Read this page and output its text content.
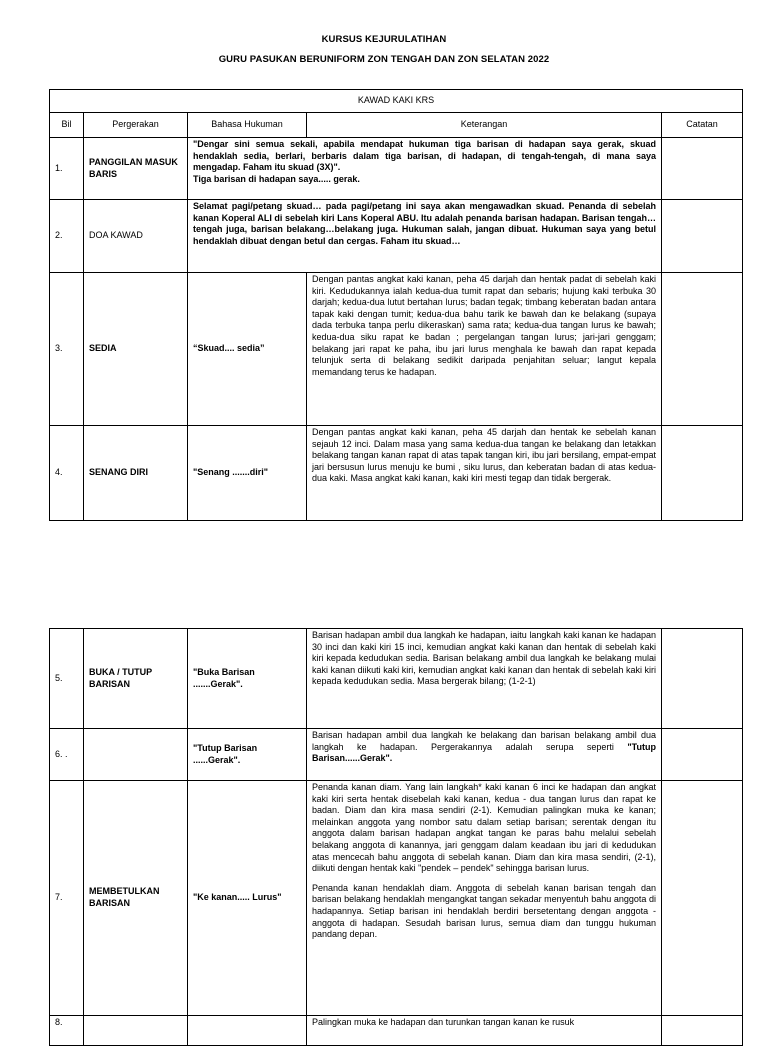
KURSUS KEJURULATIHAN
GURU PASUKAN BERUNIFORM ZON TENGAH DAN ZON SELATAN 2022
KAWAD KAKI KRS				
Bil	Pergerakan	Bahasa Hukuman	Keterangan	Catatan
1.	PANGGILAN MASUK BARIS	"Dengar sini semua sekali, apabila mendapat hukuman tiga barisan di hadapan saya gerak, skuad hendaklah sedia, berlari, berbaris dalam tiga barisan, di hadapan, di tengah-tengah, di mana saya mengadap. Faham itu skuad (3X)".

Tiga barisan di hadapan saya..... gerak.		

2.	DOA KAWAD	Selamat pagi/petang skuad… pada pagi/petang ini saya akan mengawadkan skuad. Penanda di sebelah kanan Koperal ALI di sebelah kiri Lans Koperal ABU. Itu adalah penanda barisan hadapan. Barisan tengah… tengah juga, barisan belakang…belakang juga. Hukuman salah, jangan dibuat. Hukuman saya yang betul hendaklah dibuat dengan betul dan cergas. Faham itu skuad…		
3.	SEDIA	“Skuad.... sedia”	Dengan pantas angkat kaki kanan, peha 45 darjah dan hentak padat di sebelah kaki kiri. Kedudukannya ialah kedua-dua tumit rapat dan sebaris; hujung kaki terbuka 30 darjah; kedua-dua lutut bertahan lurus; badan tegak; timbang keberatan badan antara tapak kaki dengan tumit; kedua-dua bahu tarik ke bawah dan ke belakang (supaya dada terbuka tanpa perlu dikeraskan) sama rata; kedua-dua tangan lurus ke bawah; kedua-dua siku rapat ke badan ; pergelangan tangan lurus; jari-jari genggam; belakang jari rapat ke paha, ibu jari lurus menghala ke bawah dan rapat kepada telunjuk serta di belakang sedikit daripada penjahitan seluar; langut kepala memandang terus ke hadapan.	
4.	SENANG DIRI	"Senang .......diri"	Dengan pantas angkat kaki kanan, peha 45 darjah dan hentak ke sebelah kanan sejauh 12 inci. Dalam masa yang sama kedua-dua tangan ke belakang dan letakkan belakang tangan kanan rapat di atas tapak tangan kiri, ibu jari bersilang, empat-empat jari bersusun lurus menuju ke bumi , siku lurus, dan keberatan badan di atas kedua-dua kaki. Masa angkat kaki kanan, kaki kiri mesti tegap dan tidak bergerak.	
5.	BUKA / TUTUP BARISAN	"Buka Barisan .......Gerak".	Barisan hadapan ambil dua langkah ke hadapan, iaitu langkah kaki kanan ke hadapan 30 inci dan kaki kiri 15 inci, kemudian angkat kaki kanan dan hentak di sebelah kaki kiri kepada kedudukan sedia. Barisan belakang ambil dua langkah ke belakang mulai kaki kanan diikuti kaki kiri, kemudian angkat kaki kanan dan hentak di sebelah kaki kiri kepada kedudukan sedia. Masa bergerak bilang; (1-2-1)	
6. .		"Tutup Barisan ......Gerak".	Barisan hadapan ambil dua langkah ke belakang dan barisan belakang ambil dua langkah ke hadapan. Pergerakannya adalah serupa seperti "Tutup Barisan......Gerak".	
7.	MEMBETULKAN BARISAN	"Ke kanan..... Lurus"	Penanda kanan diam. Yang lain langkah* kaki kanan 6 inci ke hadapan dan angkat kaki kiri serta hentak disebelah kaki kanan, kedua - dua tangan lurus dan rapat ke badan. Diam dan kira masa sendiri (2-1). Kemudian palingkan muka ke kanan; melainkan anggota yang nombor satu dalam setiap barisan; serentak dengan itu anggota dalam barisan hadapan angkat tangan ke paras bahu melalui sebelah belakang anggota di kanannya, jari genggam dalam keadaan ibu jari di kedudukan atas mencecah bahu anggota di sebelah kanan. Diam dan kira masa sendiri, (2-1), diikuti dengan hentak kaki "pendek – pendek" sehingga barisan lurus.

Penanda kanan hendaklah diam. Anggota di sebelah kanan barisan tengah dan barisan belakang hendaklah mengangkat tangan sekadar menyentuh bahu anggota di hadapannya. Setiap barisan ini hendaklah berdiri bersetentang dengan anggota - anggota di hadapan. Sesudah barisan lurus, semua diam dan tunggu hukuman pandang depan.	

8.			Palingkan muka ke hadapan dan turunkan tangan kanan ke rusuk	
